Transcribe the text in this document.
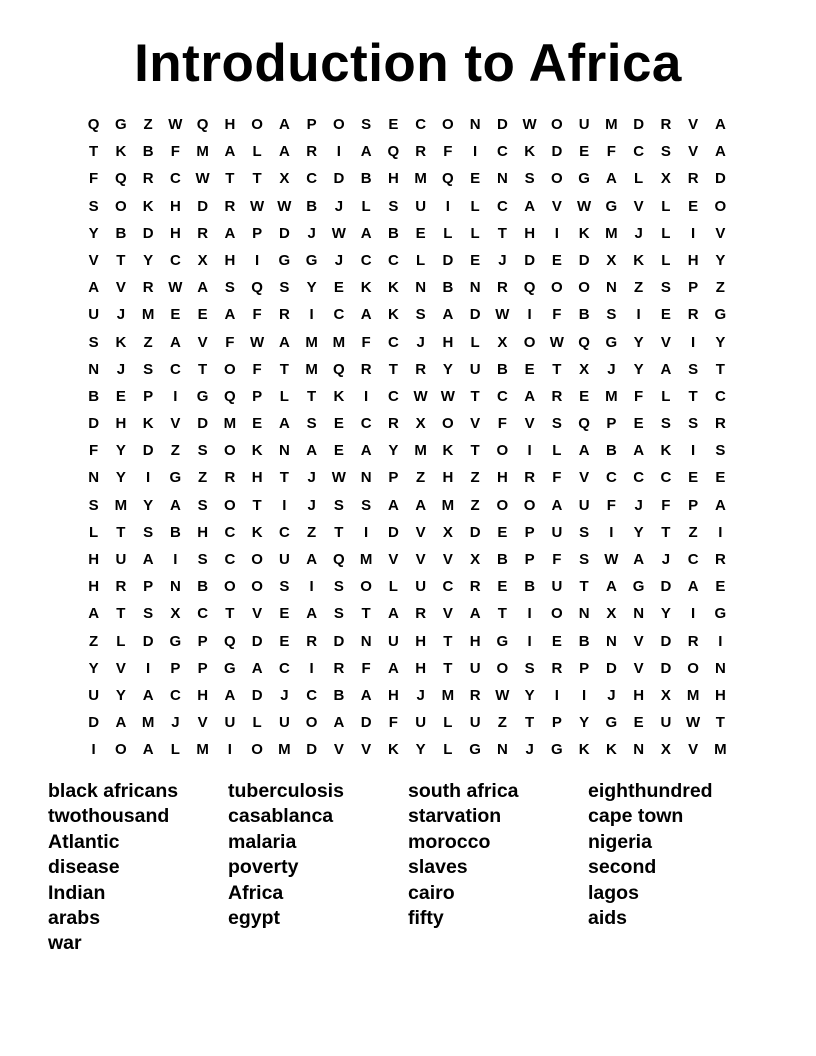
Introduction to Africa
Q	G	Z	W Q	H	O	A	P	O	S	E	C	O	N	D W O	U	M	D	R	V	A
T	K	B	F	M	A	L	A	R	I	A	Q	R	F	I	C	K	D	E	F	C	S	V	A
F	Q	R	C W	T	T	X	C	D	B	H	M	Q	E	N	S	O	G	A	L	X	R	D
S	O	K	H	D	R W W B	J	L	S	U	I	L	C	A	V	W G	V	L	E	O
Y	B	D	H	R	A	P	D	J	W A	B	E	L	L	T	H	I	K	M	J	L	I	V
V	T	Y	C	X	H	I	G	G	J	C	C	L	D	E	J	D	E	D	X	K	L	H	Y
A	V	R W A	S	Q	S	Y	E	K	K	N	B	N	R	Q	O	O	N	Z	S	P	Z
U	J	M	E	E	A	F	R	I	C	A	K	S	A	D W	I	F	B	S	I	E	R	G
S	K	Z	A	V	F	W A	M M	F	C	J	H	L	X	O W Q	G	Y	V	I	Y
N	J	S	C	T	O	F	T	M	Q	R	T	R	Y	U	B	E	T	X	J	Y	A	S	T
B	E	P	I	G	Q	P	L	T	K	I	C W W	T	C	A	R	E	M	F	L	T	C
D	H	K	V	D	M	E	A	S	E	C	R	X	O	V	F	V	S	Q	P	E	S	S	R
F	Y	D	Z	S	O	K	N	A	E	A	Y	M	K	T	O	I	L	A	B	A	K	I	S
N	Y	I	G	Z	R	H	T	J	W N	P	Z	H	Z	H	R	F	V	C	C	C	E	E
S	M	Y	A	S	O	T	I	J	S	S	A	A	M	Z	O	O	A	U	F	J	F	P	A
L	T	S	B	H	C	K	C	Z	T	I	D	V	X	D	E	P	U	S	I	Y	T	Z	I
H	U	A	I	S	C	O	U	A	Q	M	V	V	V	X	B	P	F	S	W A	J	C	R
H	R	P	N	B	O	O	S	I	S	O	L	U	C	R	E	B	U	T	A	G	D	A	E
A	T	S	X	C	T	V	E	A	S	T	A	R	V	A	T	I	O	N	X	N	Y	I	G
Z	L	D	G	P	Q	D	E	R	D	N	U	H	T	H	G	I	E	B	N	V	D	R	I
Y	V	I	P	P	G	A	C	I	R	F	A	H	T	U	O	S	R	P	D	V	D	O	N
U	Y	A	C	H	A	D	J	C	B	A	H	J	M	R W	Y	I	I	J	H	X	M	H
D	A	M	J	V	U	L	U	O	A	D	F	U	L	U	Z	T	P	Y	G	E	U W	T
I	O	A	L	M	I	O	M	D	V	V	K	Y	L	G	N	J	G	K	K	N	X	V	M
black africans
twothousand
Atlantic
disease
Indian
arabs
war
tuberculosis
casablanca
malaria
poverty
Africa
egypt
south africa
starvation
morocco
slaves
cairo
fifty
eighthundred
cape town
nigeria
second
lagos
aids
